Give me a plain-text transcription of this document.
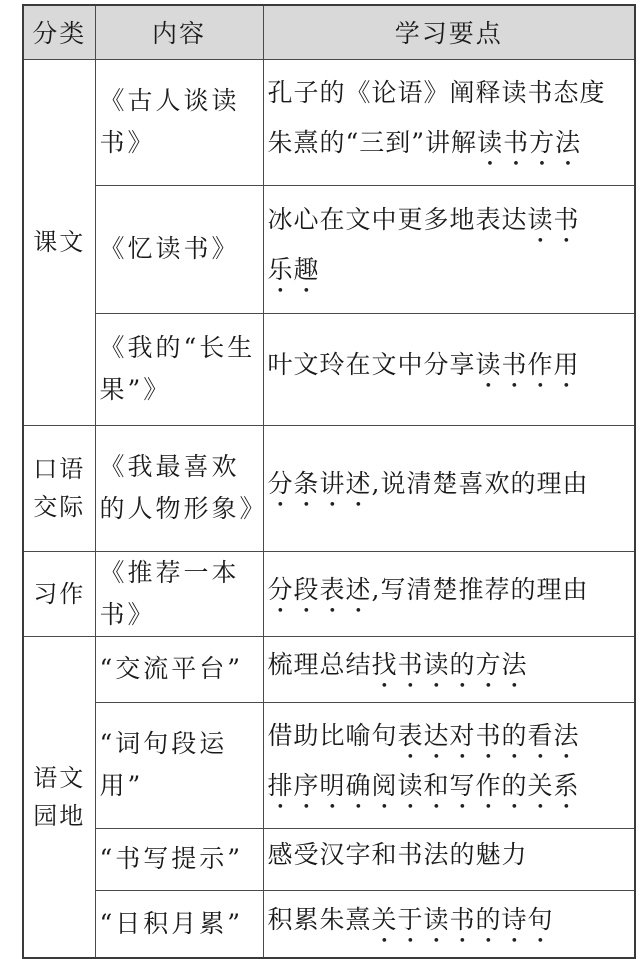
分类	内容	学习要点
课文	《古人谈读书》	孔子的《论语》阐释读书态度
朱熹的“三到”讲解读书方法

	《忆读书》	冰心在文中更多地表达读书
乐趣

	《我的“长生果”》	叶文玲在文中分享读书作用

口语交际	《我最喜欢的人物形象》	分条讲述,说清楚喜欢的理由

习作	《推荐一本书》	分段表述,写清楚推荐的理由

语文园地	“交流平台”	梳理总结找书读的方法

	“词句段运用”	借助比喻句表达对书的看法
排序明确阅读和写作的关系

	“书写提示”	感受汉字和书法的魅力

	“日积月累”	积累朱熹关于读书的诗句
